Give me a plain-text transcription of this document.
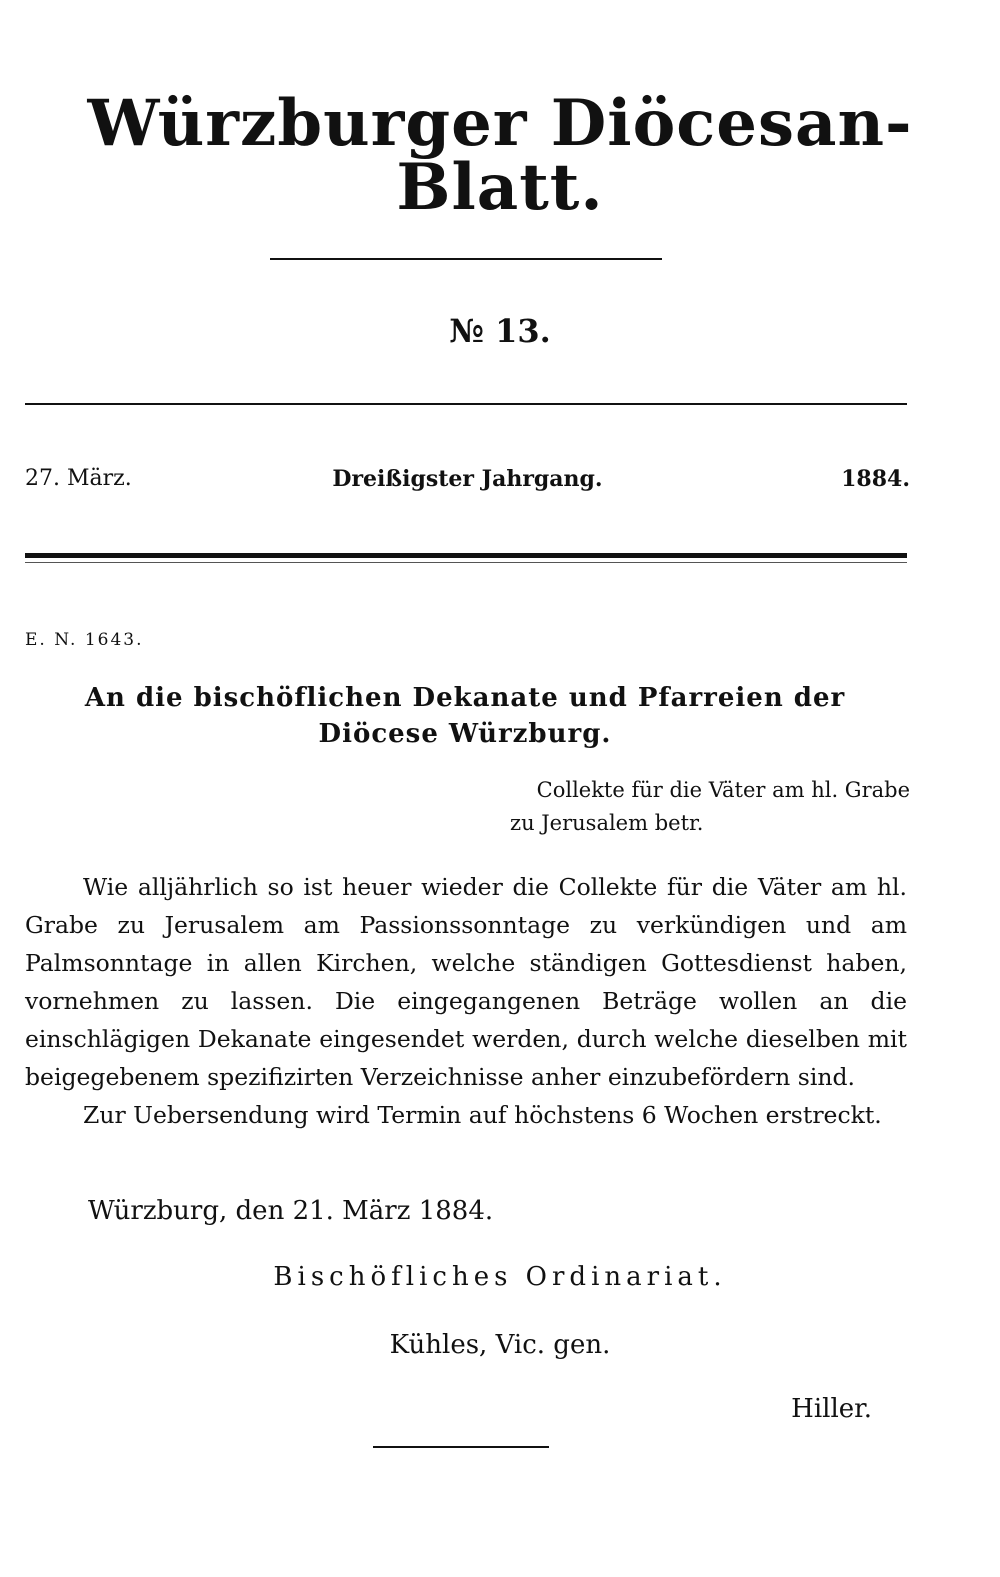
Würzburger Diöcesan-Blatt.
№ 13.
27. März.	Dreißigster Jahrgang.	1884.
E. N. 1643.
An die bischöflichen Dekanate und Pfarreien der Diöcese Würzburg.
Collekte für die Väter am hl. Grabe
zu Jerusalem betr.

Wie alljährlich so ist heuer wieder die Collekte für die Väter am hl. Grabe zu Jerusalem am Passionssonntage zu verkündigen und am Palmsonntage in allen Kirchen, welche ständigen Gottesdienst haben, vornehmen zu lassen. Die eingegangenen Beträge wollen an die einschlägigen Dekanate eingesendet werden, durch welche dieselben mit beigegebenem spezifizirten Verzeichnisse anher einzubefördern sind.

Zur Uebersendung wird Termin auf höchstens 6 Wochen erstreckt.

Würzburg, den 21. März 1884.
Bischöfliches Ordinariat.
Kühles, Vic. gen.
Hiller.
